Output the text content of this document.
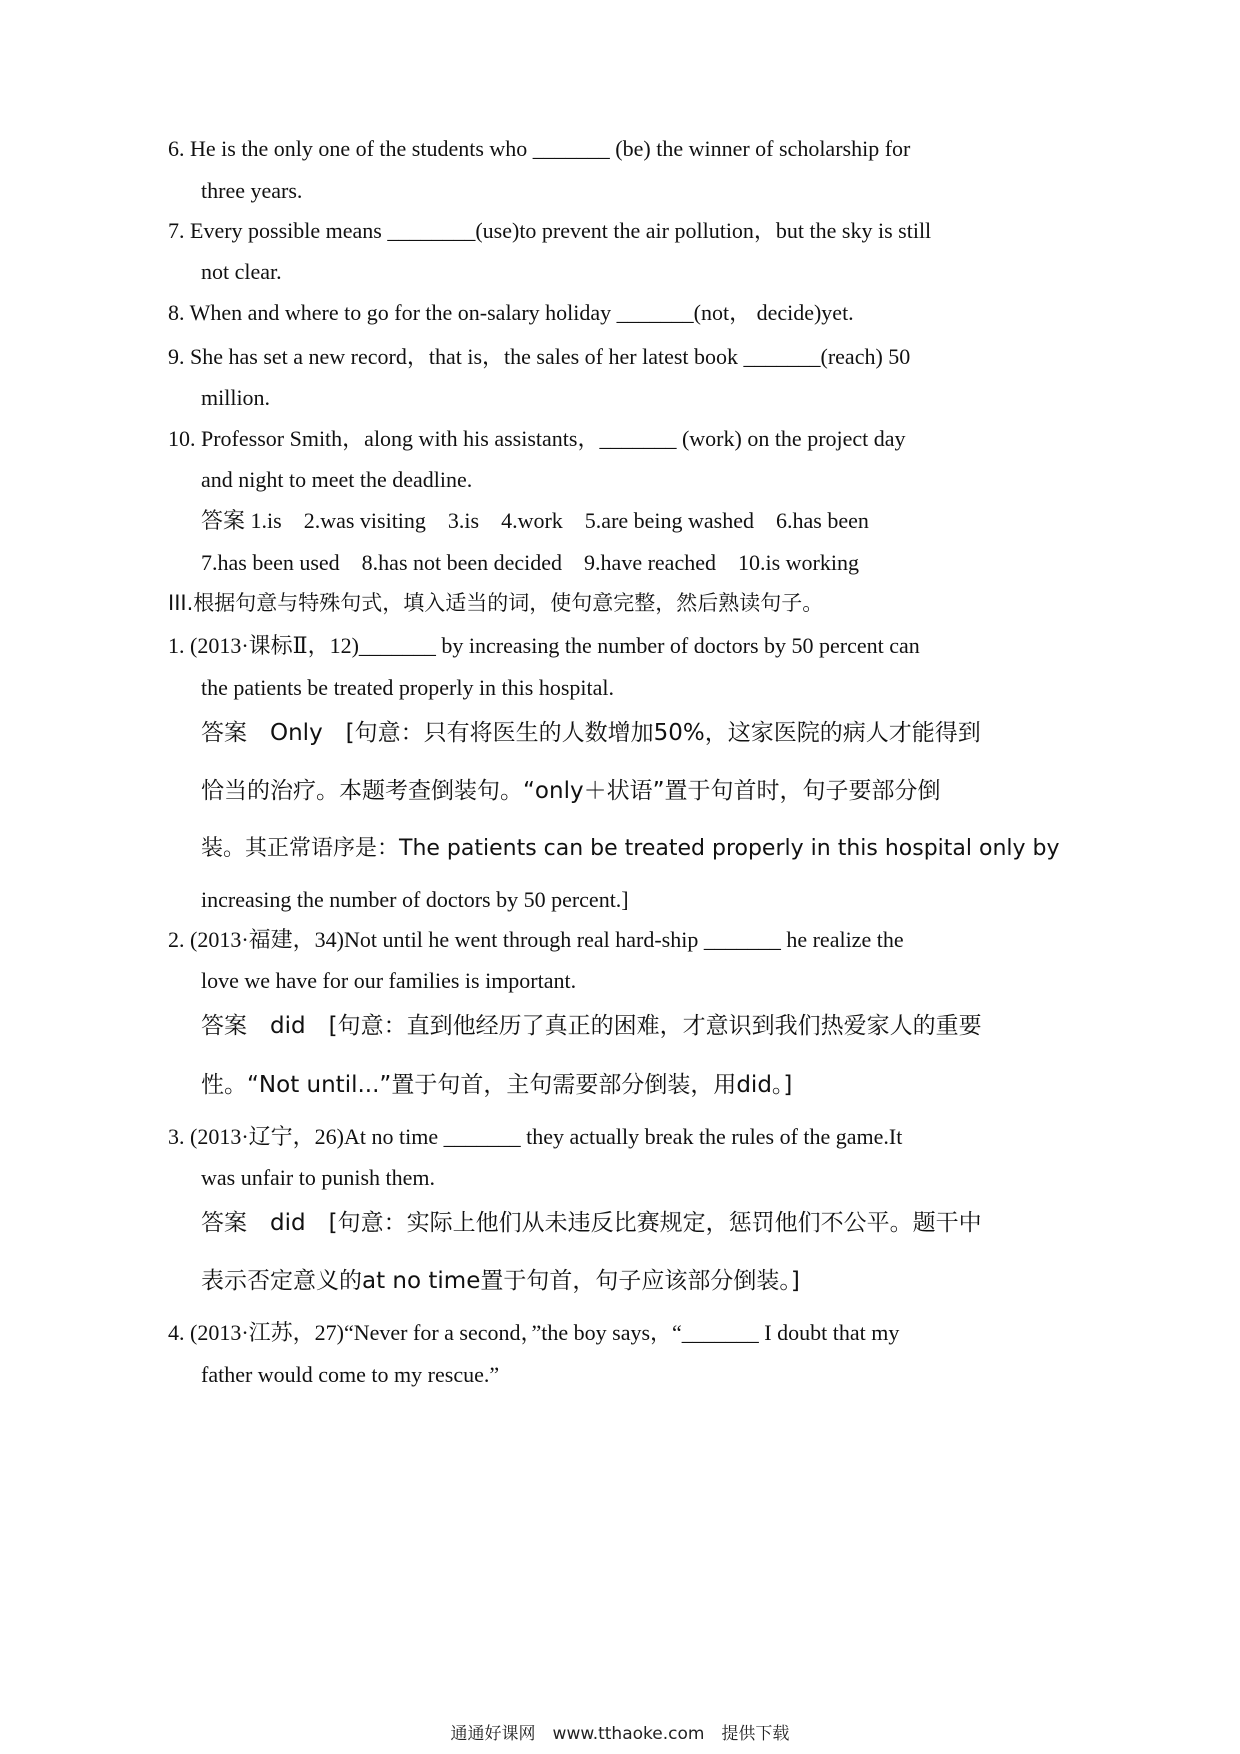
6. He is the only one of the students who _______ (be) the winner of scholarship for
three years.
7. Every possible means ________(use)to prevent the air pollution，but the sky is still
not clear.
8. When and where to go for the on-salary holiday _______(not， decide)yet.
9. She has set a new record，that is，the sales of her latest book _______(reach) 50
million.
10. Professor Smith，along with his assistants，_______ (work) on the project day
and night to meet the deadline.
答案 1.is　2.was visiting　3.is　4.work　5.are being washed　6.has been
7.has been used　8.has not been decided　9.have reached　10.is working
III.根据句意与特殊句式，填入适当的词，使句意完整，然后熟读句子。
1. (2013·课标Ⅱ，12)_______ by increasing the number of doctors by 50 percent can
the patients be treated properly in this hospital.
答案　Only　[句意：只有将医生的人数增加50%，这家医院的病人才能得到
恰当的治疗。本题考查倒装句。“only＋状语”置于句首时，句子要部分倒
装。其正常语序是：The patients can be treated properly in this hospital only by
increasing the number of doctors by 50 percent.]
2. (2013·福建，34)Not until he went through real hard-ship _______ he realize the
love we have for our families is important.
答案　did　[句意：直到他经历了真正的困难，才意识到我们热爱家人的重要
性。“Not until...”置于句首，主句需要部分倒装，用did。]
3. (2013·辽宁，26)At no time _______ they actually break the rules of the game.It
was unfair to punish them.
答案　did　[句意：实际上他们从未违反比赛规定，惩罚他们不公平。题干中
表示否定意义的at no time置于句首，句子应该部分倒装。]
4. (2013·江苏，27)“Never for a second，”the boy says，“_______ I doubt that my
father would come to my rescue.”
通通好课网　www.tthaoke.com　提供下载
